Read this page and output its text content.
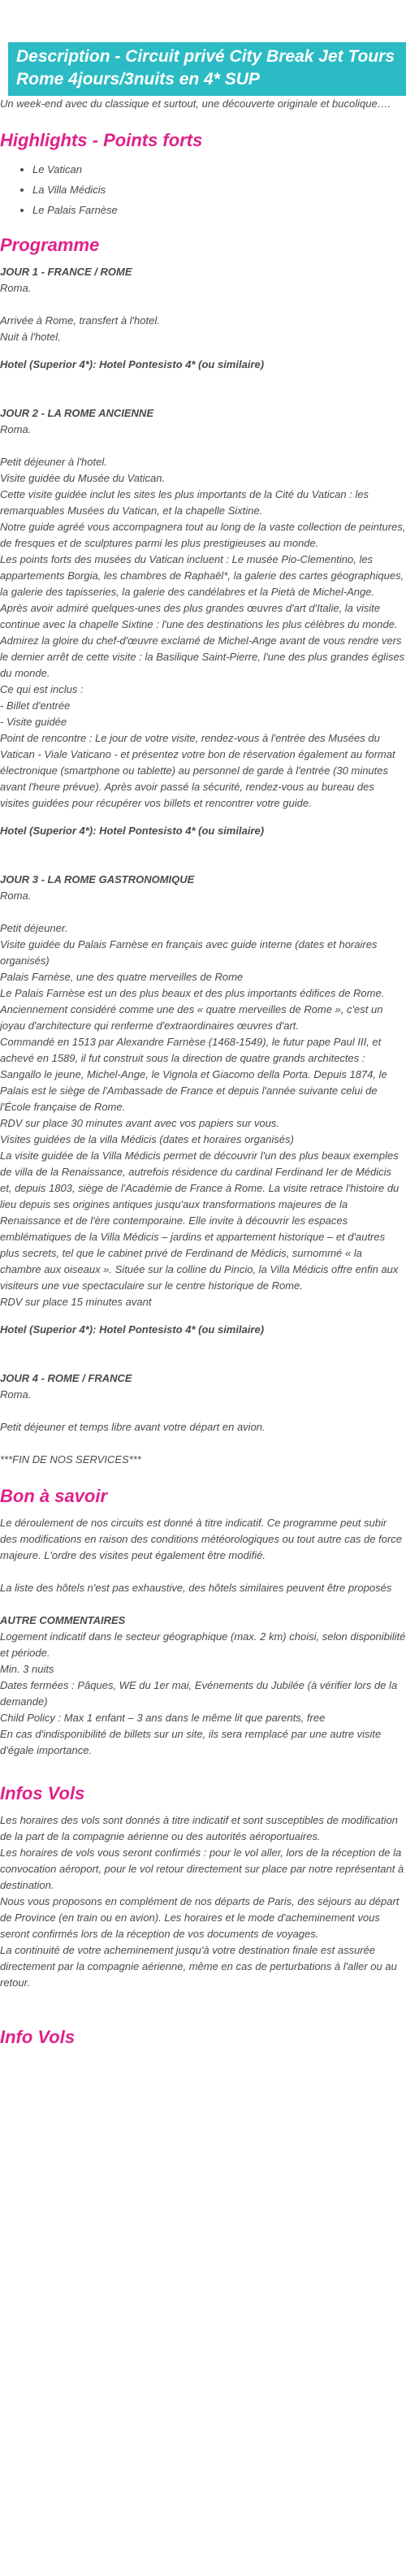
Description - Circuit privé City Break Jet Tours Rome 4jours/3nuits en 4* SUP

Un week-end avec du classique et surtout, une découverte originale et bucolique….

Highlights - Points forts
• Le Vatican
• La Villa Médicis
• Le Palais Farnèse
Programme

JOUR 1 - FRANCE / ROME

Roma.

Arrivée à Rome, transfert à l'hotel.
Nuit à l'hotel.

Hotel (Superior 4*): Hotel Pontesisto 4* (ou similaire)

JOUR 2 - LA ROME ANCIENNE

Roma.

Petit déjeuner à l'hotel.
Visite guidée du Musée du Vatican.
Cette visite guidée inclut les sites les plus importants de la Cité du Vatican : les remarquables Musées du Vatican, et la chapelle Sixtine.
Notre guide agréé vous accompagnera tout au long de la vaste collection de peintures, de fresques et de sculptures parmi les plus prestigieuses au monde.
Les points forts des musées du Vatican incluent : Le musée Pio-Clementino, les appartements Borgia, les chambres de Raphaël*, la galerie des cartes géographiques, la galerie des tapisseries, la galerie des candélabres et la Pietà de Michel-Ange.
Après avoir admiré quelques-unes des plus grandes œuvres d'art d'Italie, la visite continue avec la chapelle Sixtine : l'une des destinations les plus célèbres du monde. Admirez la gloire du chef-d'œuvre exclamé de Michel-Ange avant de vous rendre vers le dernier arrêt de cette visite : la Basilique Saint-Pierre, l'une des plus grandes églises du monde.
Ce qui est inclus :
- Billet d'entrée
- Visite guidée
Point de rencontre : Le jour de votre visite, rendez-vous à l'entrée des Musées du Vatican - Viale Vaticano - et présentez votre bon de réservation également au format électronique (smartphone ou tablette) au personnel de garde à l'entrée (30 minutes avant l'heure prévue). Après avoir passé la sécurité, rendez-vous au bureau des visites guidées pour récupérer vos billets et rencontrer votre guide.

Hotel (Superior 4*): Hotel Pontesisto 4* (ou similaire)

JOUR 3 - LA ROME GASTRONOMIQUE

Roma.

Petit déjeuner.
Visite guidée du Palais Farnèse en français avec guide interne (dates et horaires organisés)
Palais Farnèse, une des quatre merveilles de Rome
Le Palais Farnèse est un des plus beaux et des plus importants édifices de Rome. Anciennement considéré comme une des « quatre merveilles de Rome », c'est un joyau d'architecture qui renferme d'extraordinaires œuvres d'art.
Commandé en 1513 par Alexandre Farnèse (1468-1549), le futur pape Paul III, et achevé en 1589, il fut construit sous la direction de quatre grands architectes : Sangallo le jeune, Michel-Ange, le Vignola et Giacomo della Porta. Depuis 1874, le Palais est le siège de l'Ambassade de France et depuis l'année suivante celui de l'École française de Rome.
RDV sur place 30 minutes avant avec vos papiers sur vous.
Visites guidées de la villa Médicis (dates et horaires organisés)
La visite guidée de la Villa Médicis permet de découvrir l'un des plus beaux exemples de villa de la Renaissance, autrefois résidence du cardinal Ferdinand Ier de Médicis et, depuis 1803, siège de l'Académie de France à Rome. La visite retrace l'histoire du lieu depuis ses origines antiques jusqu'aux transformations majeures de la Renaissance et de l'ère contemporaine. Elle invite à découvrir les espaces emblématiques de la Villa Médicis – jardins et appartement historique – et d'autres plus secrets, tel que le cabinet privé de Ferdinand de Médicis, surnommé « la chambre aux oiseaux ». Située sur la colline du Pincio, la Villa Médicis offre enfin aux visiteurs une vue spectaculaire sur le centre historique de Rome.
RDV sur place 15 minutes avant

Hotel (Superior 4*): Hotel Pontesisto 4* (ou similaire)

JOUR 4 - ROME / FRANCE

Roma.

Petit déjeuner et temps libre avant votre départ en avion.

***FIN DE NOS SERVICES***

Bon à savoir

Le déroulement de nos circuits est donné à titre indicatif. Ce programme peut subir des modifications en raison des conditions météorologiques ou tout autre cas de force majeure. L'ordre des visites peut également être modifié.

La liste des hôtels n'est pas exhaustive, des hôtels similaires peuvent être proposés

AUTRE COMMENTAIRES

Logement indicatif dans le secteur géographique (max. 2 km) choisi, selon disponibilité et période.
Min. 3 nuits
Dates fermées : Pâques, WE du 1er mai, Evénements du Jubilée (à vérifier lors de la demande)
Child Policy : Max 1 enfant – 3 ans dans le même lit que parents, free
En cas d'indisponibilité de billets sur un site, ils sera remplacé par une autre visite d'égale importance.

Infos Vols

Les horaires des vols sont donnés à titre indicatif et sont susceptibles de modification de la part de la compagnie aérienne ou des autorités aéroportuaires.
Les horaires de vols vous seront confirmés : pour le vol aller, lors de la réception de la convocation aéroport, pour le vol retour directement sur place par notre représentant à destination.
Nous vous proposons en complément de nos départs de Paris, des séjours au départ de Province (en train ou en avion). Les horaires et le mode d'acheminement vous seront confirmés lors de la réception de vos documents de voyages.
La continuité de votre acheminement jusqu'à votre destination finale est assurée directement par la compagnie aérienne, même en cas de perturbations à l'aller ou au retour.

Info Vols
